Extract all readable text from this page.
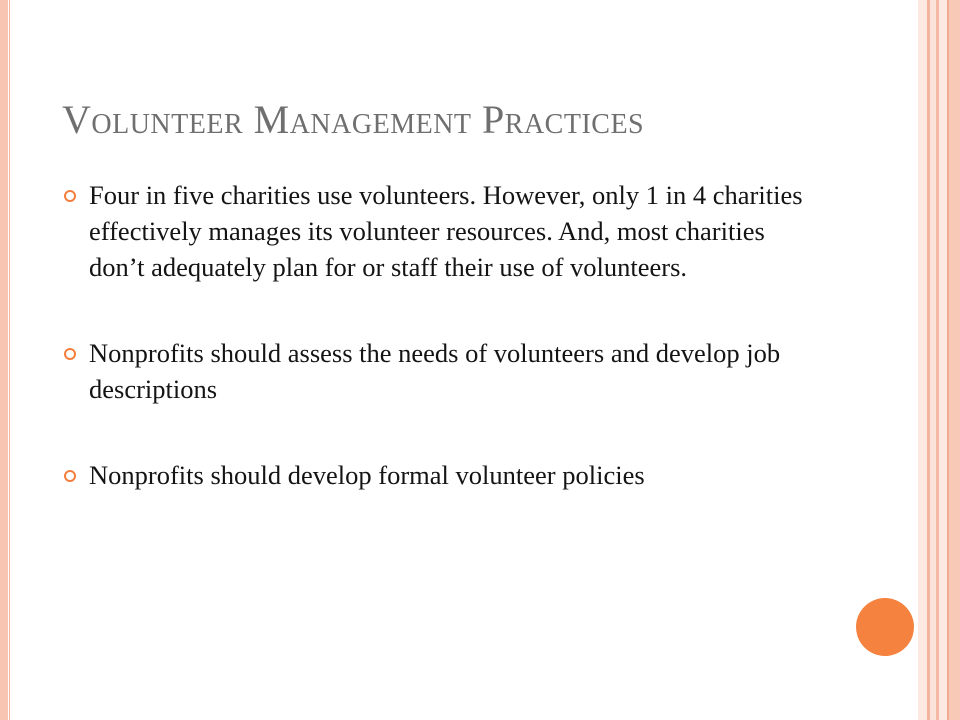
Volunteer Management Practices
Four in five charities use volunteers. However, only 1 in 4 charities effectively manages its volunteer resources. And, most charities don’t adequately plan for or staff their use of volunteers.
Nonprofits should assess the needs of volunteers and develop job descriptions
Nonprofits should develop formal volunteer policies
